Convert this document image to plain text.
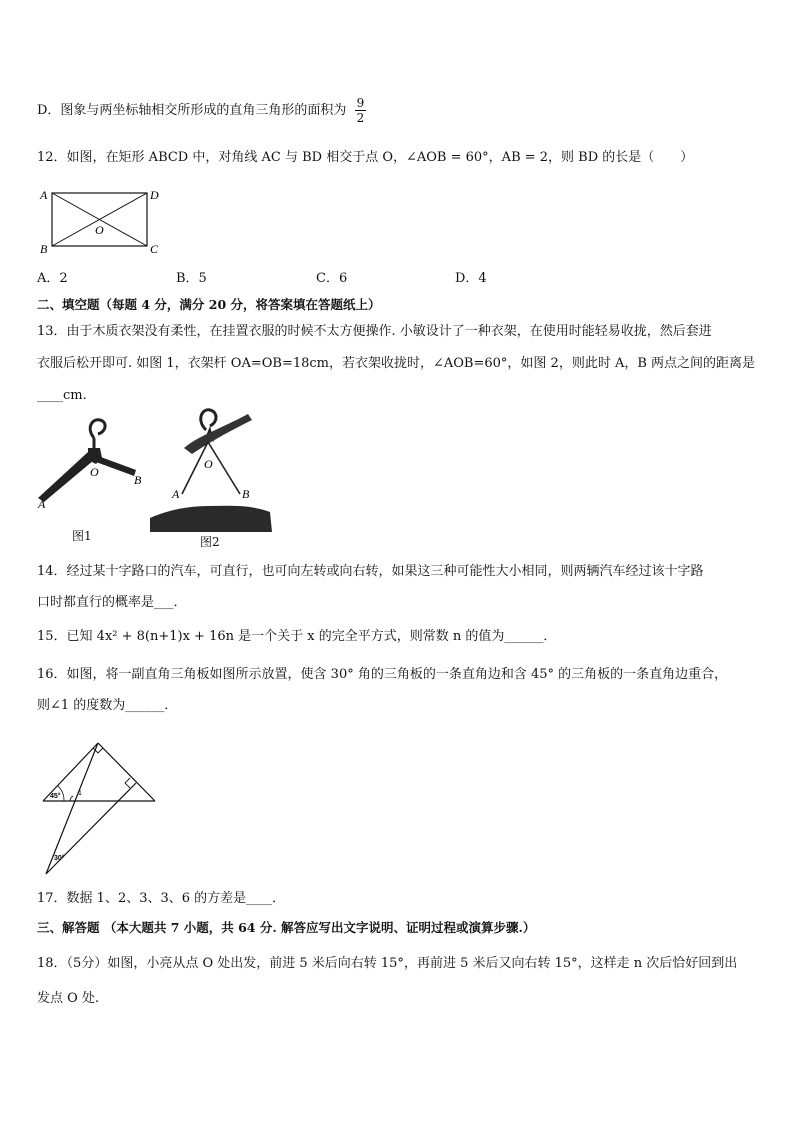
D．图象与两坐标轴相交所形成的直角三角形的面积为 $\frac{9}{2}$
12．如图，在矩形 ABCD 中，对角线 AC 与 BD 相交于点 O，∠AOB = 60°，AB = 2，则 BD 的长是（　　）
A	D
B	C
O
A．2	B．5	C．6	D．4
二、填空题（每题 4 分，满分 20 分，将答案填在答题纸上）
13．由于木质衣架没有柔性，在挂置衣服的时候不太方便操作. 小敏设计了一种衣架，在使用时能轻易收拢，然后套进
衣服后松开即可. 如图 1，衣架杆 OA=OB=18cm，若衣架收拢时，∠AOB=60°，如图 2，则此时 A，B 两点之间的距离是
____cm.
O
B
A
图1
O
A	B
图2
14．经过某十字路口的汽车，可直行，也可向左转或向右转，如果这三种可能性大小相同，则两辆汽车经过该十字路
口时都直行的概率是___．
15．已知 4x² + 8(n+1)x + 16n 是一个关于 x 的完全平方式，则常数 n 的值为______．
16．如图，将一副直角三角板如图所示放置，使含 30° 角的三角板的一条直角边和含 45° 的三角板的一条直角边重合，
则∠1 的度数为______．
45° 1
30°
17．数据 1、2、3、3、6 的方差是____．
三、解答题 （本大题共 7 小题，共 64 分. 解答应写出文字说明、证明过程或演算步骤.）
18．（5分）如图，小亮从点 O 处出发，前进 5 米后向右转 15°，再前进 5 米后又向右转 15°，这样走 n 次后恰好回到出
发点 O 处.
